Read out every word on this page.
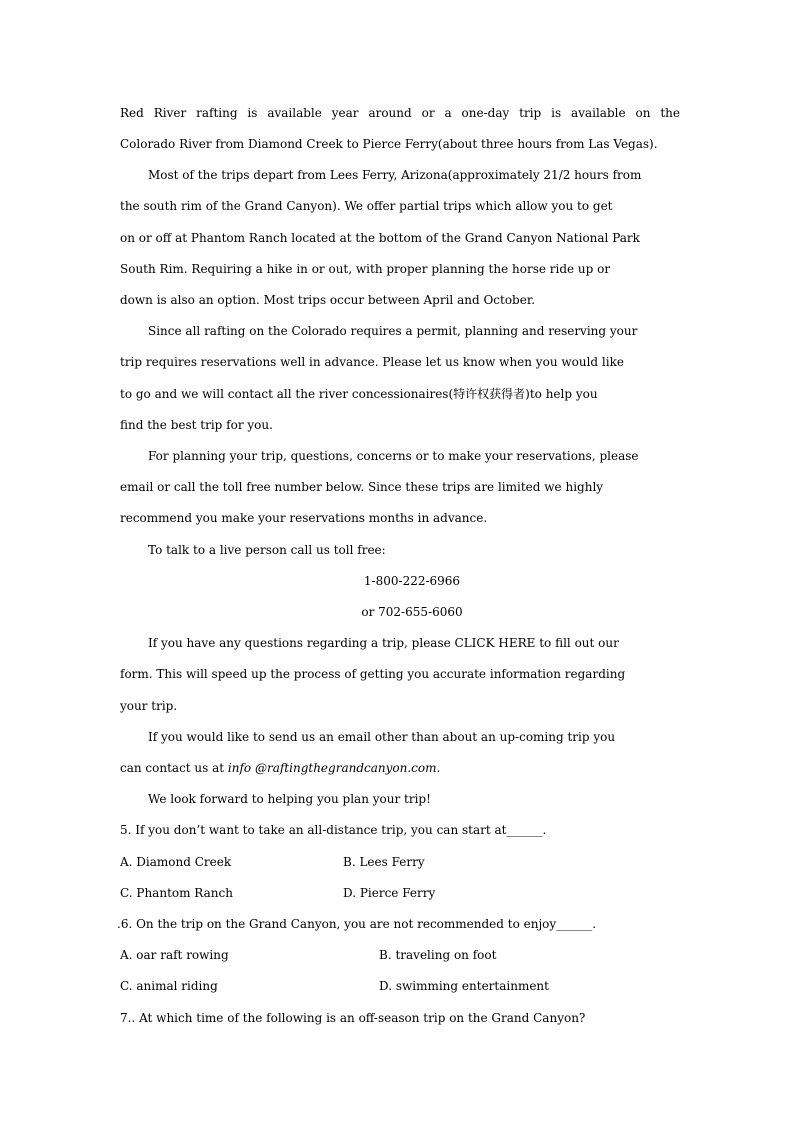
Red River rafting is available year around or a one-day trip is available on the

Colorado River from Diamond Creek to Pierce Ferry(about three hours from Las Vegas).

Most of the trips depart from Lees Ferry, Arizona(approximately 21/2 hours from

the south rim of the Grand Canyon). We offer partial trips which allow you to get

on or off at Phantom Ranch located at the bottom of the Grand Canyon National Park

South Rim. Requiring a hike in or out, with proper planning the horse ride up or

down is also an option. Most trips occur between April and October.

Since all rafting on the Colorado requires a permit, planning and reserving your

trip requires reservations well in advance. Please let us know when you would like

to go and we will contact all the river concessionaires(特许权获得者)to help you

find the best trip for you.

For planning your trip, questions, concerns or to make your reservations, please

email or call the toll free number below. Since these trips are limited we highly

recommend you make your reservations months in advance.

To talk to a live person call us toll free:

1-800-222-6966

or 702-655-6060

If you have any questions regarding a trip, please CLICK HERE to fill out our

form. This will speed up the process of getting you accurate information regarding

your trip.

If you would like to send us an email other than about an up-coming trip you

can contact us at info @raftingthegrandcanyon.com.

We look forward to helping you plan your trip!

5. If you don’t want to take an all-distance trip, you can start at______.

A. Diamond Creek

	B. Lees Ferry

C. Phantom Ranch

	D. Pierce Ferry

.6. On the trip on the Grand Canyon, you are not recommended to enjoy______.

A. oar raft rowing

	B. traveling on foot

C. animal riding

	D. swimming entertainment

7.. At which time of the following is an off-season trip on the Grand Canyon?
